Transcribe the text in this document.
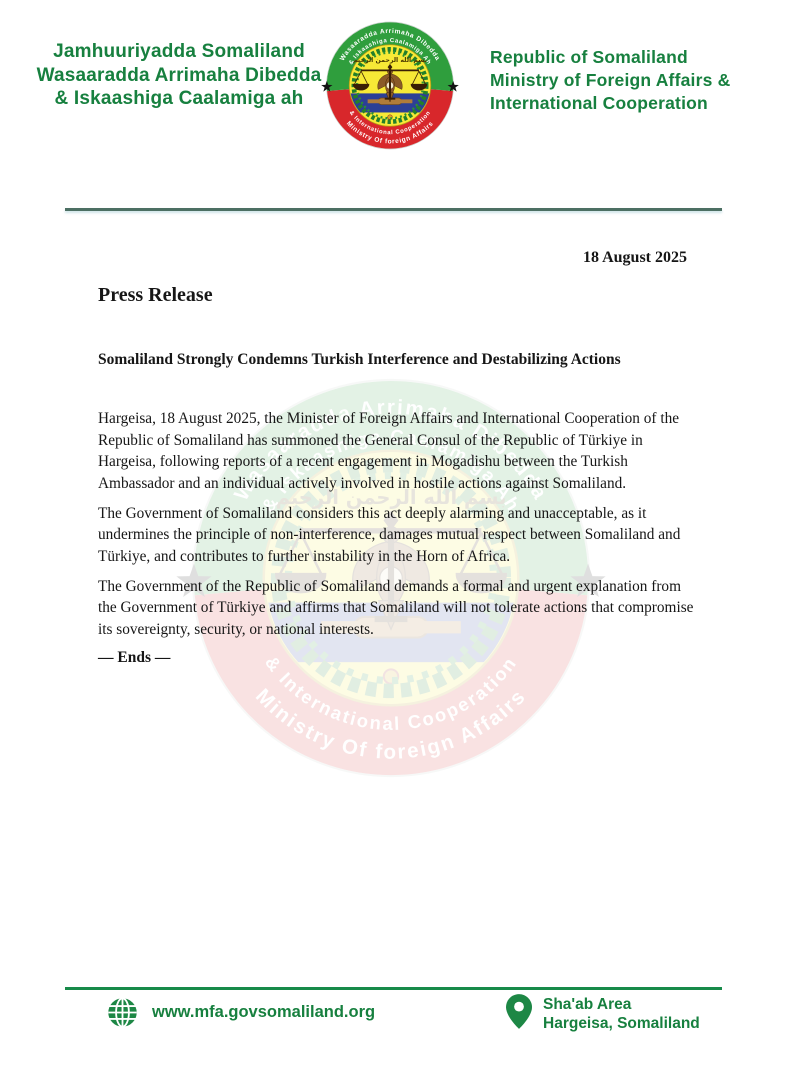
Jamhuuriyadda Somaliland
Wasaaradda Arrimaha Dibedda
& Iskaashiga Caalamiga ah
Republic of Somaliland
Ministry of Foreign Affairs &
International Cooperation
18 August 2025
Press Release
Somaliland Strongly Condemns Turkish Interference and Destabilizing Actions

Hargeisa, 18 August 2025, the Minister of Foreign Affairs and International Cooperation of the Republic of Somaliland has summoned the General Consul of the Republic of Türkiye in Hargeisa, following reports of a recent engagement in Mogadishu between the Turkish Ambassador and an individual actively involved in hostile actions against Somaliland.

The Government of Somaliland considers this act deeply alarming and unacceptable, as it undermines the principle of non-interference, damages mutual respect between Somaliland and Türkiye, and contributes to further instability in the Horn of Africa.

The Government of the Republic of Somaliland demands a formal and urgent explanation from the Government of Türkiye and affirms that Somaliland will not tolerate actions that compromise its sovereignty, security, or national interests.

— Ends —
www.mfa.govsomaliland.org	Sha'ab Area
Hargeisa, Somaliland
